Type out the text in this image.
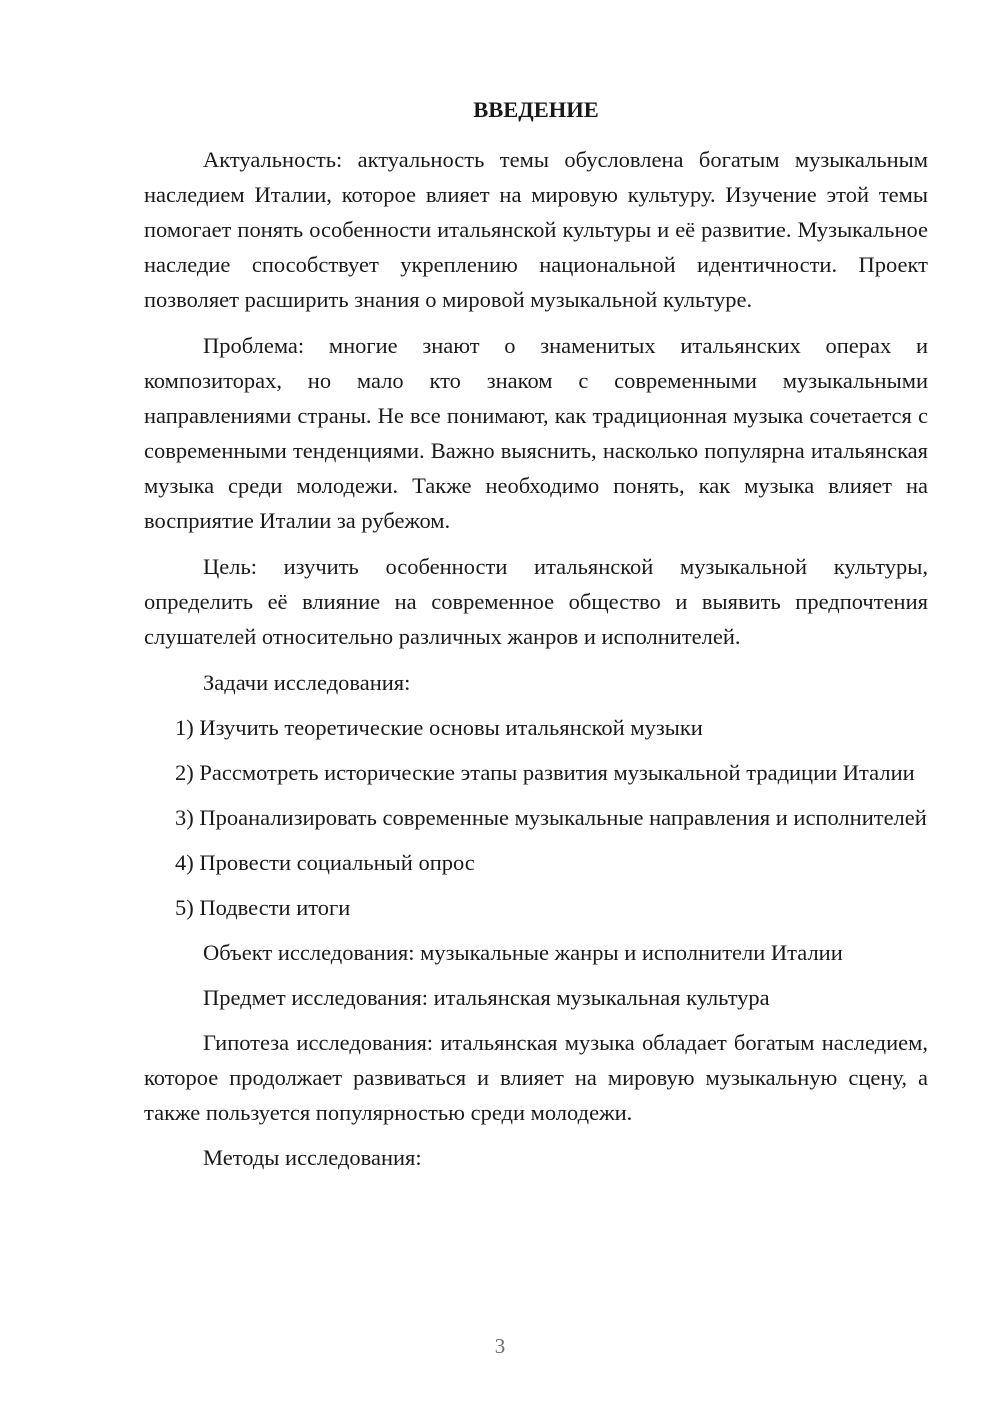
ВВЕДЕНИЕ

Актуальность: актуальность темы обусловлена богатым музыкальным наследием Италии, которое влияет на мировую культуру. Изучение этой темы помогает понять особенности итальянской культуры и её развитие. Музыкальное наследие способствует укреплению национальной идентичности. Проект позволяет расширить знания о мировой музыкальной культуре.

Проблема: многие знают о знаменитых итальянских операх и композиторах, но мало кто знаком с современными музыкальными направлениями страны. Не все понимают, как традиционная музыка сочетается с современными тенденциями. Важно выяснить, насколько популярна итальянская музыка среди молодежи. Также необходимо понять, как музыка влияет на восприятие Италии за рубежом.

Цель: изучить особенности итальянской музыкальной культуры, определить её влияние на современное общество и выявить предпочтения слушателей относительно различных жанров и исполнителей.

Задачи исследования:

1) Изучить теоретические основы итальянской музыки

2) Рассмотреть исторические этапы развития музыкальной традиции Италии

3) Проанализировать современные музыкальные направления и исполнителей

4) Провести социальный опрос

5) Подвести итоги

Объект исследования: музыкальные жанры и исполнители Италии

Предмет исследования: итальянская музыкальная культура

Гипотеза исследования: итальянская музыка обладает богатым наследием, которое продолжает развиваться и влияет на мировую музыкальную сцену, а также пользуется популярностью среди молодежи.

Методы исследования:

3
